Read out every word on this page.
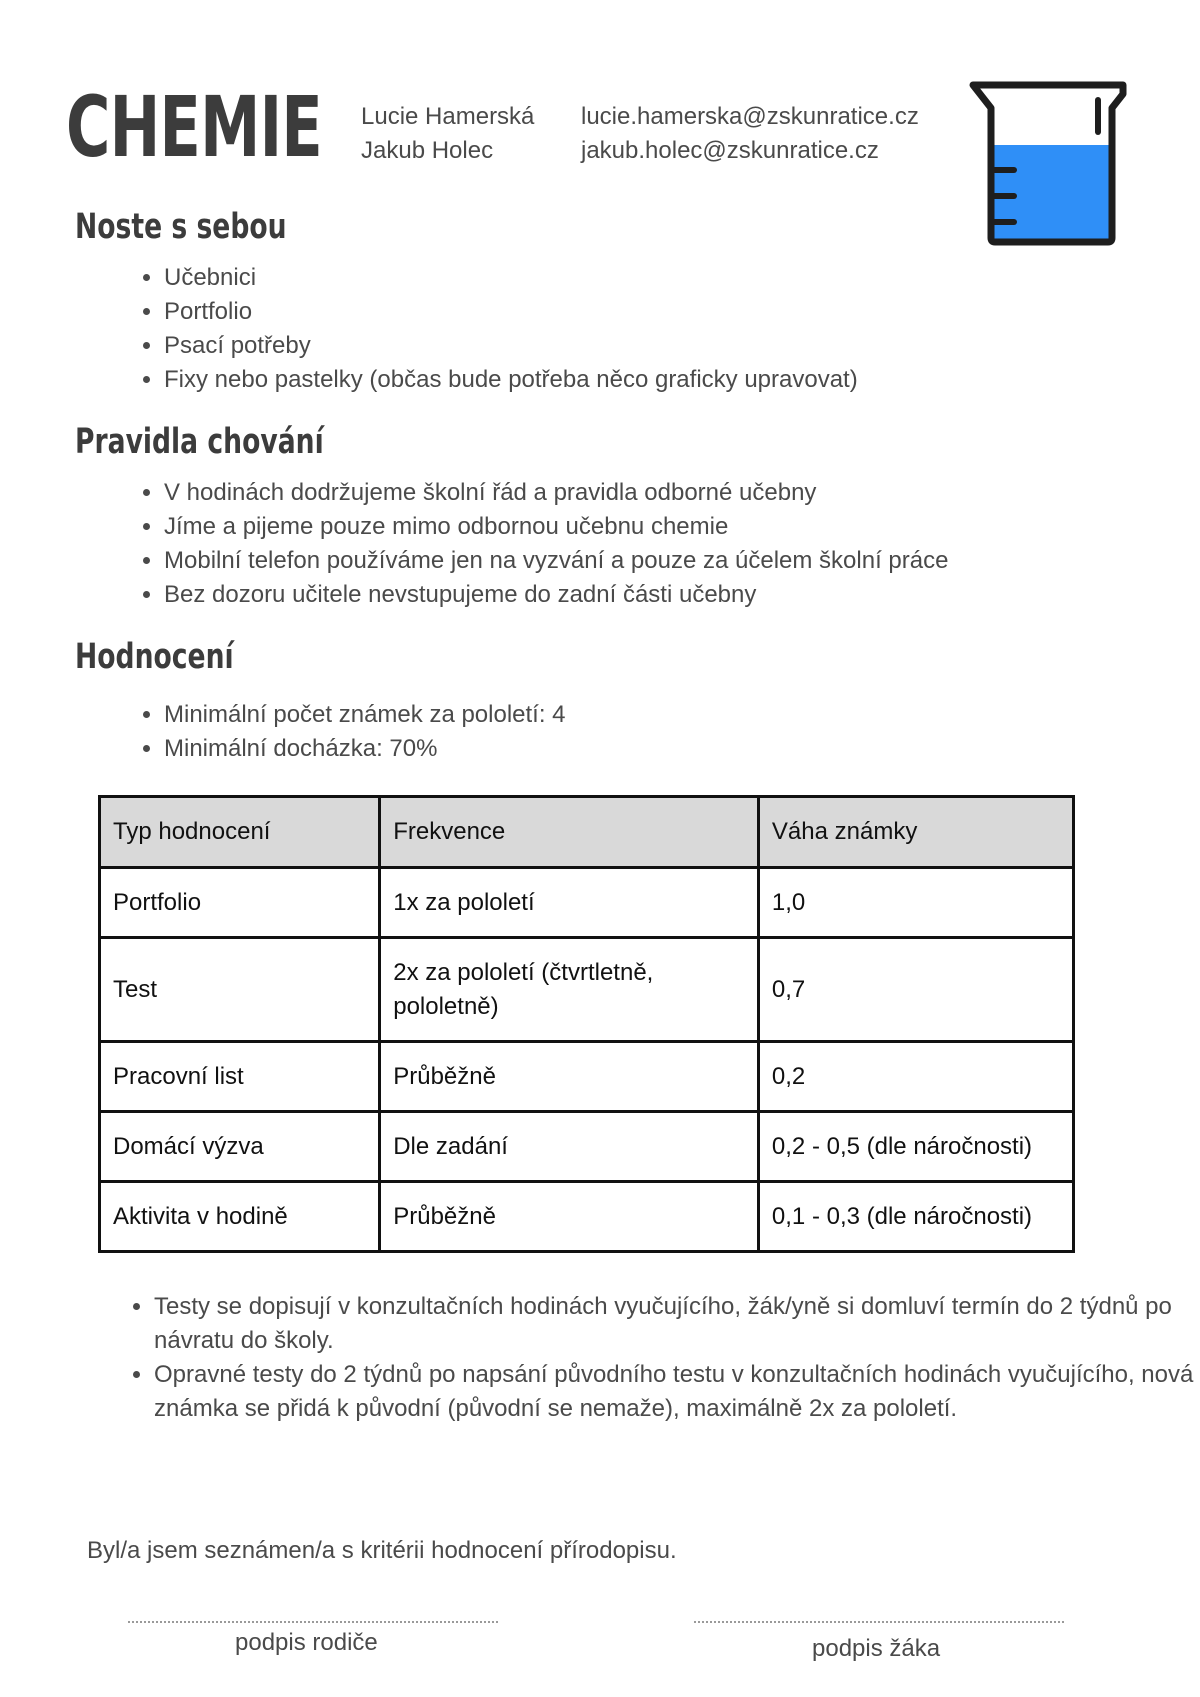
CHEMIE Lucie Hamerská
Jakub Holec
lucie.hamerska@zskunratice.cz
jakub.holec@zskunratice.cz
Noste s sebou
• Učebnici
• Portfolio
• Psací potřeby
• Fixy nebo pastelky (občas bude potřeba něco graficky upravovat)
Pravidla chování
• V hodinách dodržujeme školní řád a pravidla odborné učebny
• Jíme a pijeme pouze mimo odbornou učebnu chemie
• Mobilní telefon používáme jen na vyzvání a pouze za účelem školní práce
• Bez dozoru učitele nevstupujeme do zadní části učebny
Hodnocení
• Minimální počet známek za pololetí: 4
• Minimální docházka: 70%
Typ hodnocení	Frekvence	Váha známky
Portfolio	1x za pololetí	1,0
Test	2x za pololetí (čtvrtletně, pololetně)	0,7
Pracovní list	Průběžně	0,2
Domácí výzva	Dle zadání	0,2 - 0,5 (dle náročnosti)
Aktivita v hodině	Průběžně	0,1 - 0,3 (dle náročnosti)
• Testy se dopisují v konzultačních hodinách vyučujícího, žák/yně si domluví termín do 2 týdnů po návratu do školy.
• Opravné testy do 2 týdnů po napsání původního testu v konzultačních hodinách vyučujícího, nová známka se přidá k původní (původní se nemaže), maximálně 2x za pololetí.
Byl/a jsem seznámen/a s kritérii hodnocení přírodopisu.
podpis rodiče	podpis žáka
